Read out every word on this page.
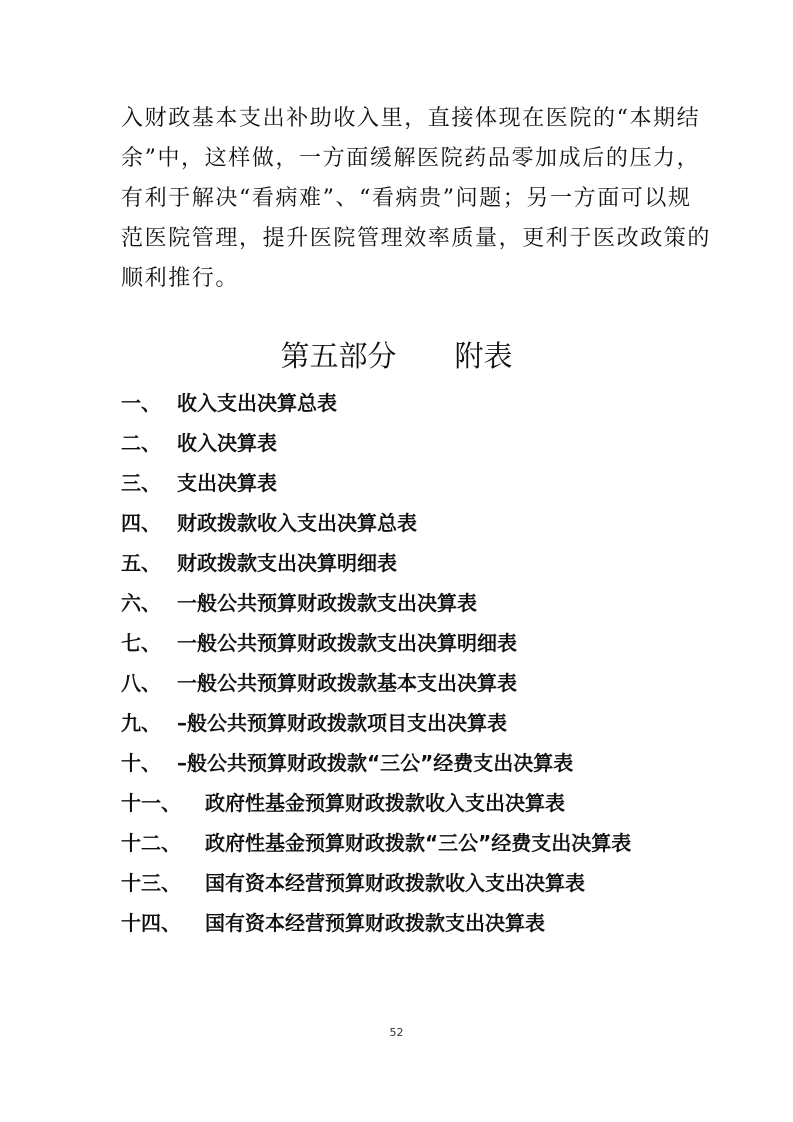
入财政基本支出补助收入里，直接体现在医院的“本期结
余”中，这样做，一方面缓解医院药品零加成后的压力，
有利于解决“看病难”、“看病贵”问题；另一方面可以规
范医院管理，提升医院管理效率质量，更利于医改政策的
顺利推行。
第五部分　　附表
一、 收入支出决算总表
二、 收入决算表
三、 支出决算表
四、 财政拨款收入支出决算总表
五、 财政拨款支出决算明细表
六、 一般公共预算财政拨款支出决算表
七、 一般公共预算财政拨款支出决算明细表
八、 一般公共预算财政拨款基本支出决算表
九、 –般公共预算财政拨款项目支出决算表
十、 –般公共预算财政拨款“三公”经费支出决算表
十一、 政府性基金预算财政拨款收入支出决算表
十二、 政府性基金预算财政拨款“三公”经费支出决算表
十三、 国有资本经营预算财政拨款收入支出决算表
十四、 国有资本经营预算财政拨款支出决算表
52
